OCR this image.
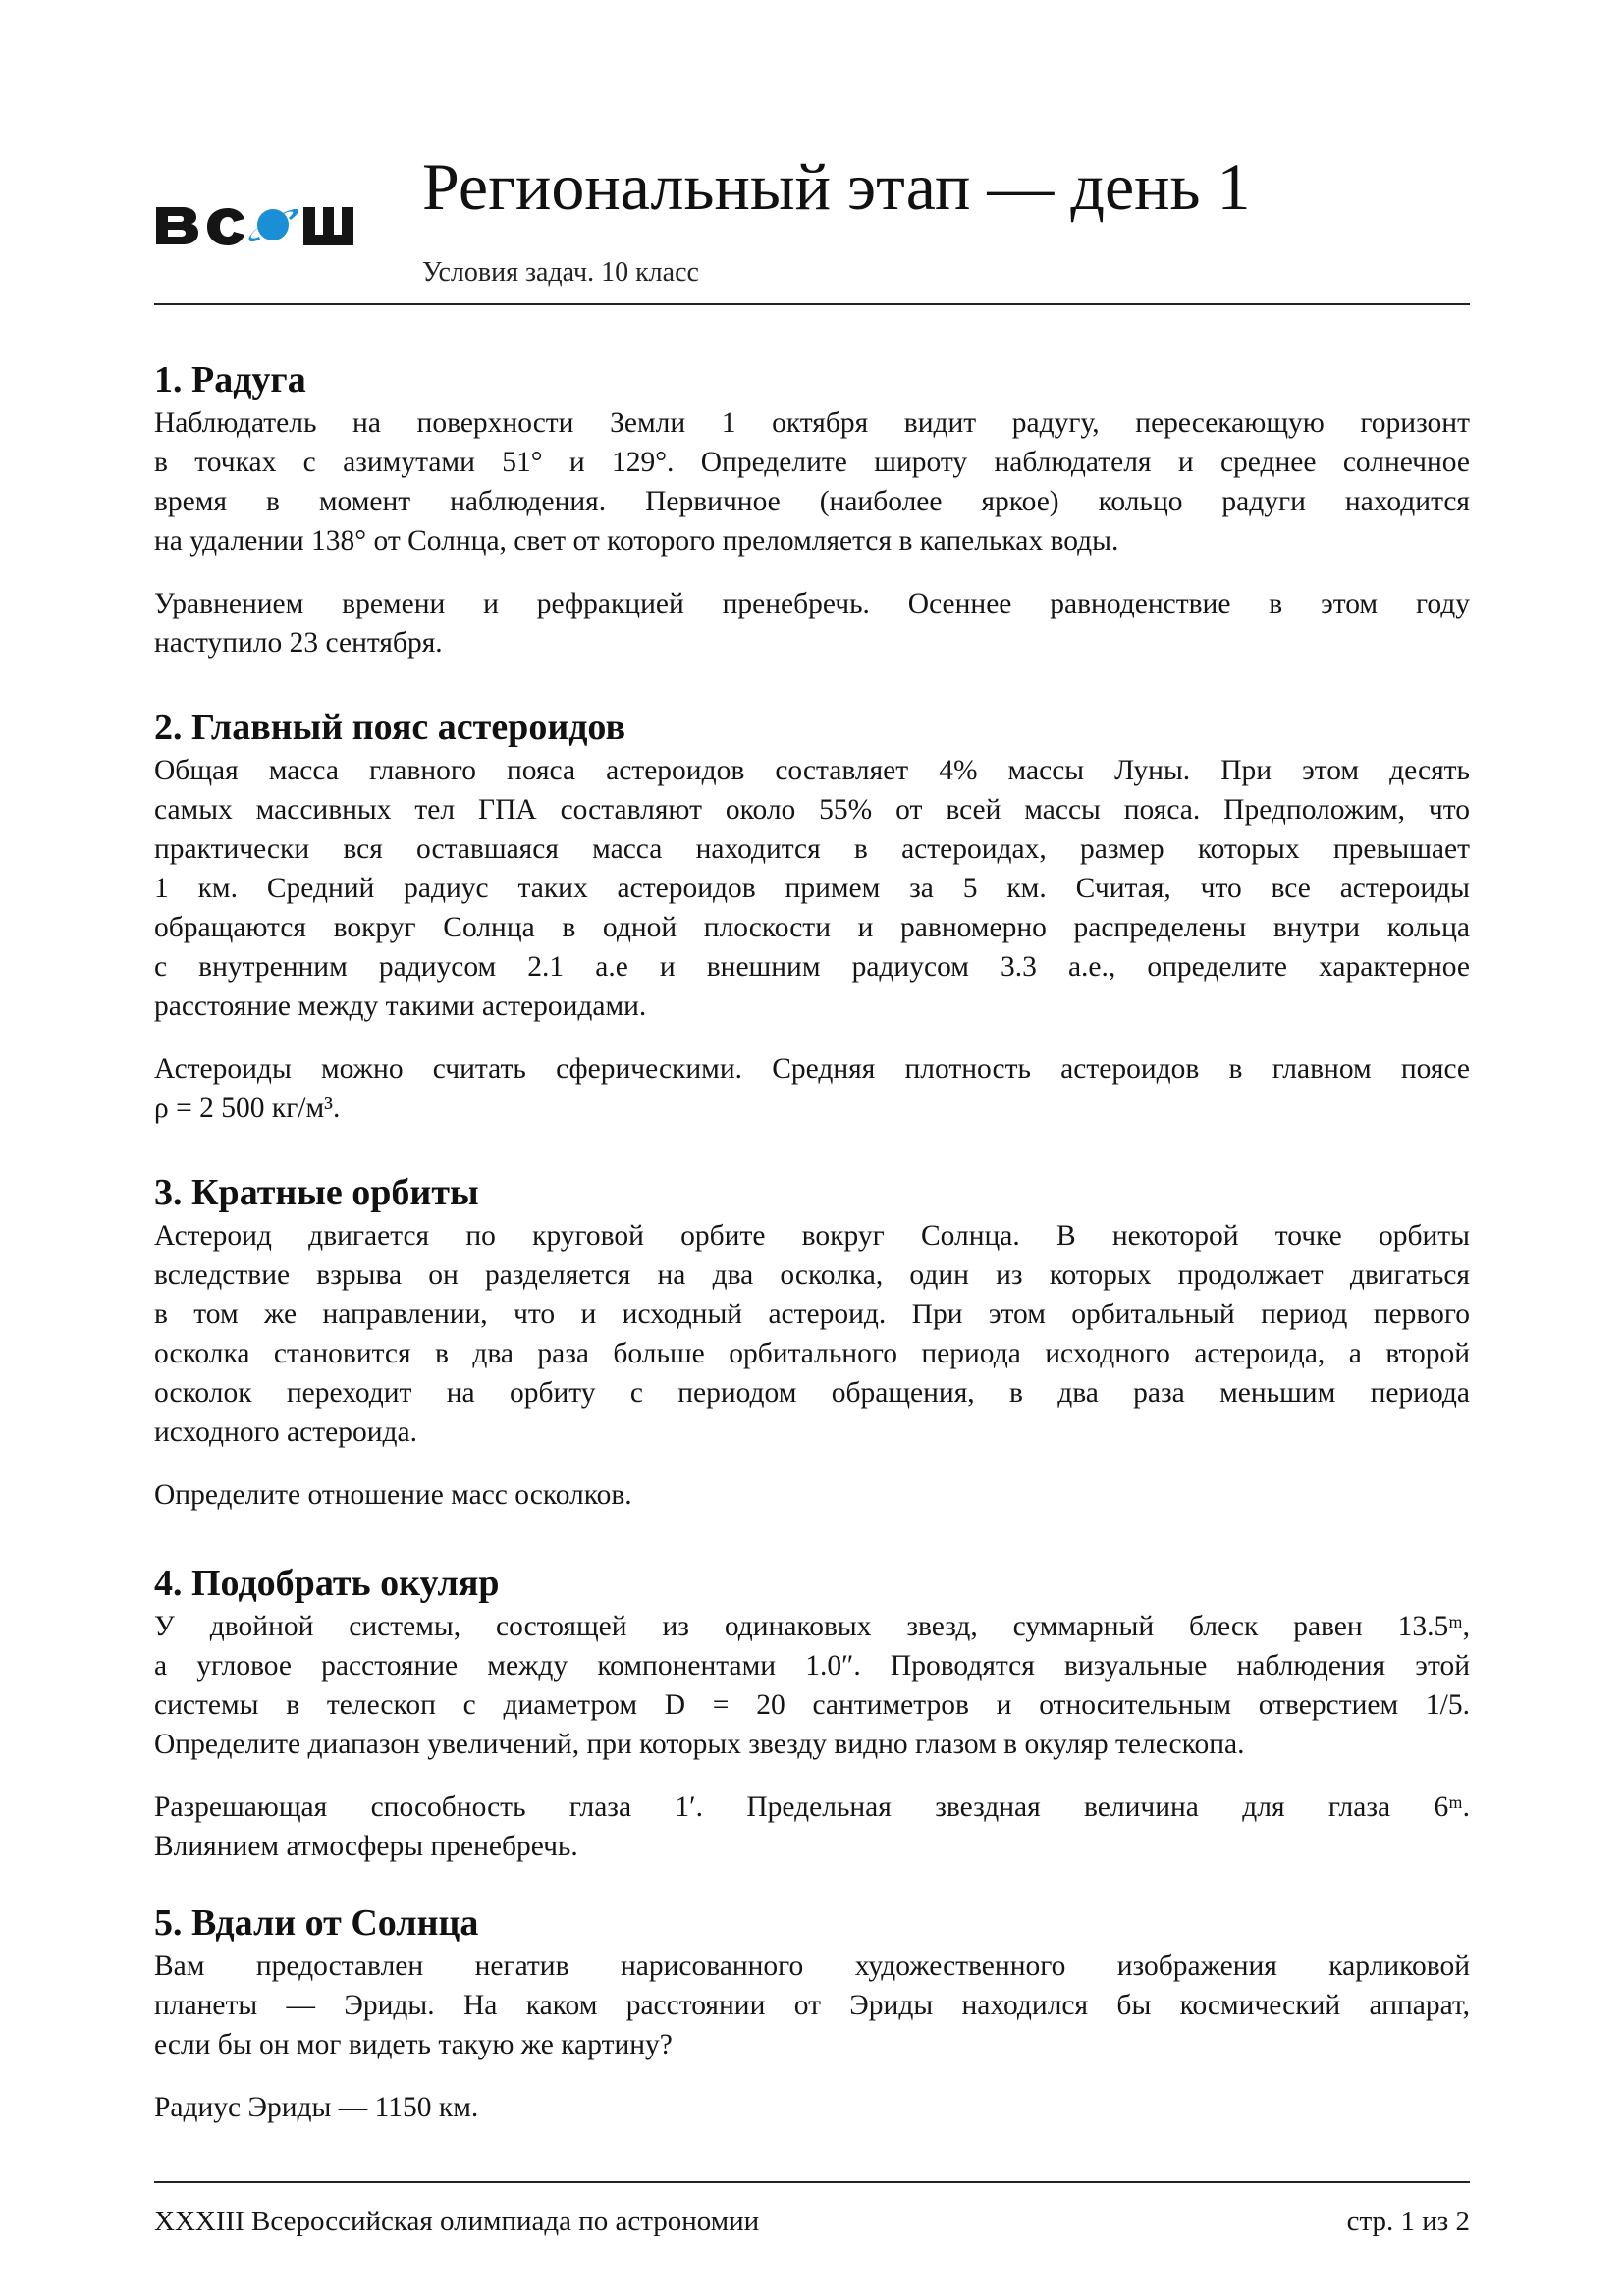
Региональный этап — день 1
Условия задач. 10 класс
1. Радуга
Наблюдатель на поверхности Земли 1 октября видит радугу, пересекающую горизонт
в точках с азимутами 51° и 129°. Определите широту наблюдателя и среднее солнечное
время в момент наблюдения. Первичное (наиболее яркое) кольцо радуги находится
на удалении 138° от Солнца, свет от которого преломляется в капельках воды.
Уравнением времени и рефракцией пренебречь. Осеннее равноденствие в этом году
наступило 23 сентября.
2. Главный пояс астероидов
Общая масса главного пояса астероидов составляет 4% массы Луны. При этом десять
самых массивных тел ГПА составляют около 55% от всей массы пояса. Предположим, что
практически вся оставшаяся масса находится в астероидах, размер которых превышает
1 км. Средний радиус таких астероидов примем за 5 км. Считая, что все астероиды
обращаются вокруг Солнца в одной плоскости и равномерно распределены внутри кольца
с внутренним радиусом 2.1 а.е и внешним радиусом 3.3 а.е., определите характерное
расстояние между такими астероидами.
Астероиды можно считать сферическими. Средняя плотность астероидов в главном поясе
ρ = 2 500 кг/м³.
3. Кратные орбиты
Астероид двигается по круговой орбите вокруг Солнца. В некоторой точке орбиты
вследствие взрыва он разделяется на два осколка, один из которых продолжает двигаться
в том же направлении, что и исходный астероид. При этом орбитальный период первого
осколка становится в два раза больше орбитального периода исходного астероида, а второй
осколок переходит на орбиту с периодом обращения, в два раза меньшим периода
исходного астероида.
Определите отношение масс осколков.
4. Подобрать окуляр
У двойной системы, состоящей из одинаковых звезд, суммарный блеск равен 13.5ᵐ,
а угловое расстояние между компонентами 1.0″. Проводятся визуальные наблюдения этой
системы в телескоп с диаметром D = 20 сантиметров и относительным отверстием 1/5.
Определите диапазон увеличений, при которых звезду видно глазом в окуляр телескопа.
Разрешающая способность глаза 1′. Предельная звездная величина для глаза 6ᵐ.
Влиянием атмосферы пренебречь.
5. Вдали от Солнца
Вам предоставлен негатив нарисованного художественного изображения карликовой
планеты — Эриды. На каком расстоянии от Эриды находился бы космический аппарат,
если бы он мог видеть такую же картину?
Радиус Эриды — 1150 км.
XXXIII Всероссийская олимпиада по астрономии	стр. 1 из 2
